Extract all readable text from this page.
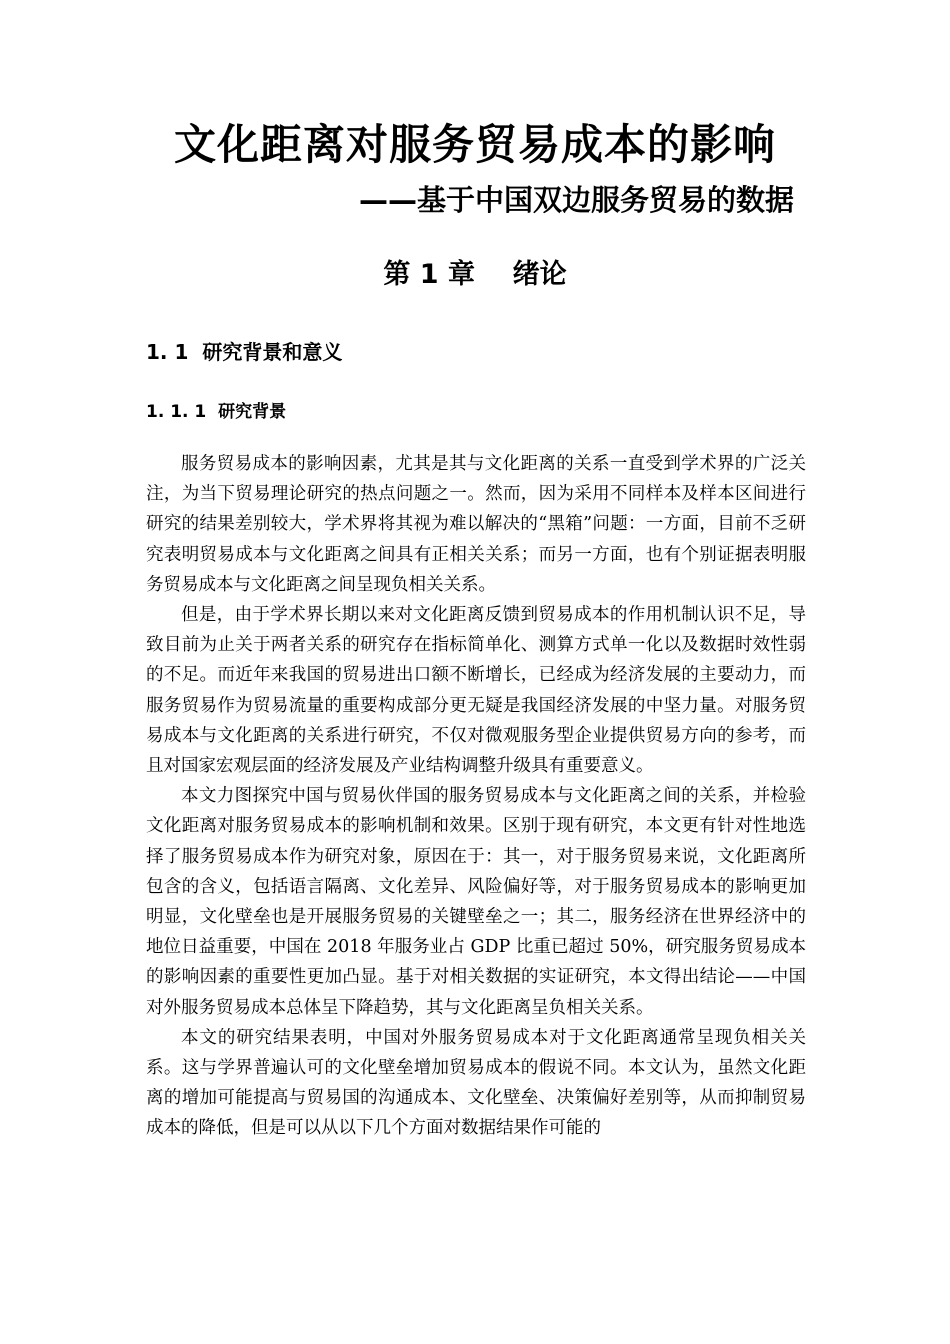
文化距离对服务贸易成本的影响
——基于中国双边服务贸易的数据
第 1 章    绪论
1. 1  研究背景和意义
1. 1. 1  研究背景

服务贸易成本的影响因素，尤其是其与文化距离的关系一直受到学术界的广泛关注，为当下贸易理论研究的热点问题之一。然而，因为采用不同样本及样本区间进行研究的结果差别较大，学术界将其视为难以解决的“黑箱”问题：一方面，目前不乏研究表明贸易成本与文化距离之间具有正相关关系；而另一方面，也有个别证据表明服务贸易成本与文化距离之间呈现负相关关系。

但是，由于学术界长期以来对文化距离反馈到贸易成本的作用机制认识不足，导致目前为止关于两者关系的研究存在指标简单化、测算方式单一化以及数据时效性弱的不足。而近年来我国的贸易进出口额不断增长，已经成为经济发展的主要动力，而服务贸易作为贸易流量的重要构成部分更无疑是我国经济发展的中坚力量。对服务贸易成本与文化距离的关系进行研究，不仅对微观服务型企业提供贸易方向的参考，而且对国家宏观层面的经济发展及产业结构调整升级具有重要意义。

本文力图探究中国与贸易伙伴国的服务贸易成本与文化距离之间的关系，并检验文化距离对服务贸易成本的影响机制和效果。区别于现有研究，本文更有针对性地选择了服务贸易成本作为研究对象，原因在于：其一，对于服务贸易来说，文化距离所包含的含义，包括语言隔离、文化差异、风险偏好等，对于服务贸易成本的影响更加明显，文化壁垒也是开展服务贸易的关键壁垒之一；其二，服务经济在世界经济中的地位日益重要，中国在 2018 年服务业占 GDP 比重已超过 50%，研究服务贸易成本的影响因素的重要性更加凸显。基于对相关数据的实证研究，本文得出结论——中国对外服务贸易成本总体呈下降趋势，其与文化距离呈负相关关系。

本文的研究结果表明，中国对外服务贸易成本对于文化距离通常呈现负相关关系。这与学界普遍认可的文化壁垒增加贸易成本的假说不同。本文认为，虽然文化距离的增加可能提高与贸易国的沟通成本、文化壁垒、决策偏好差别等，从而抑制贸易成本的降低，但是可以从以下几个方面对数据结果作可能的
